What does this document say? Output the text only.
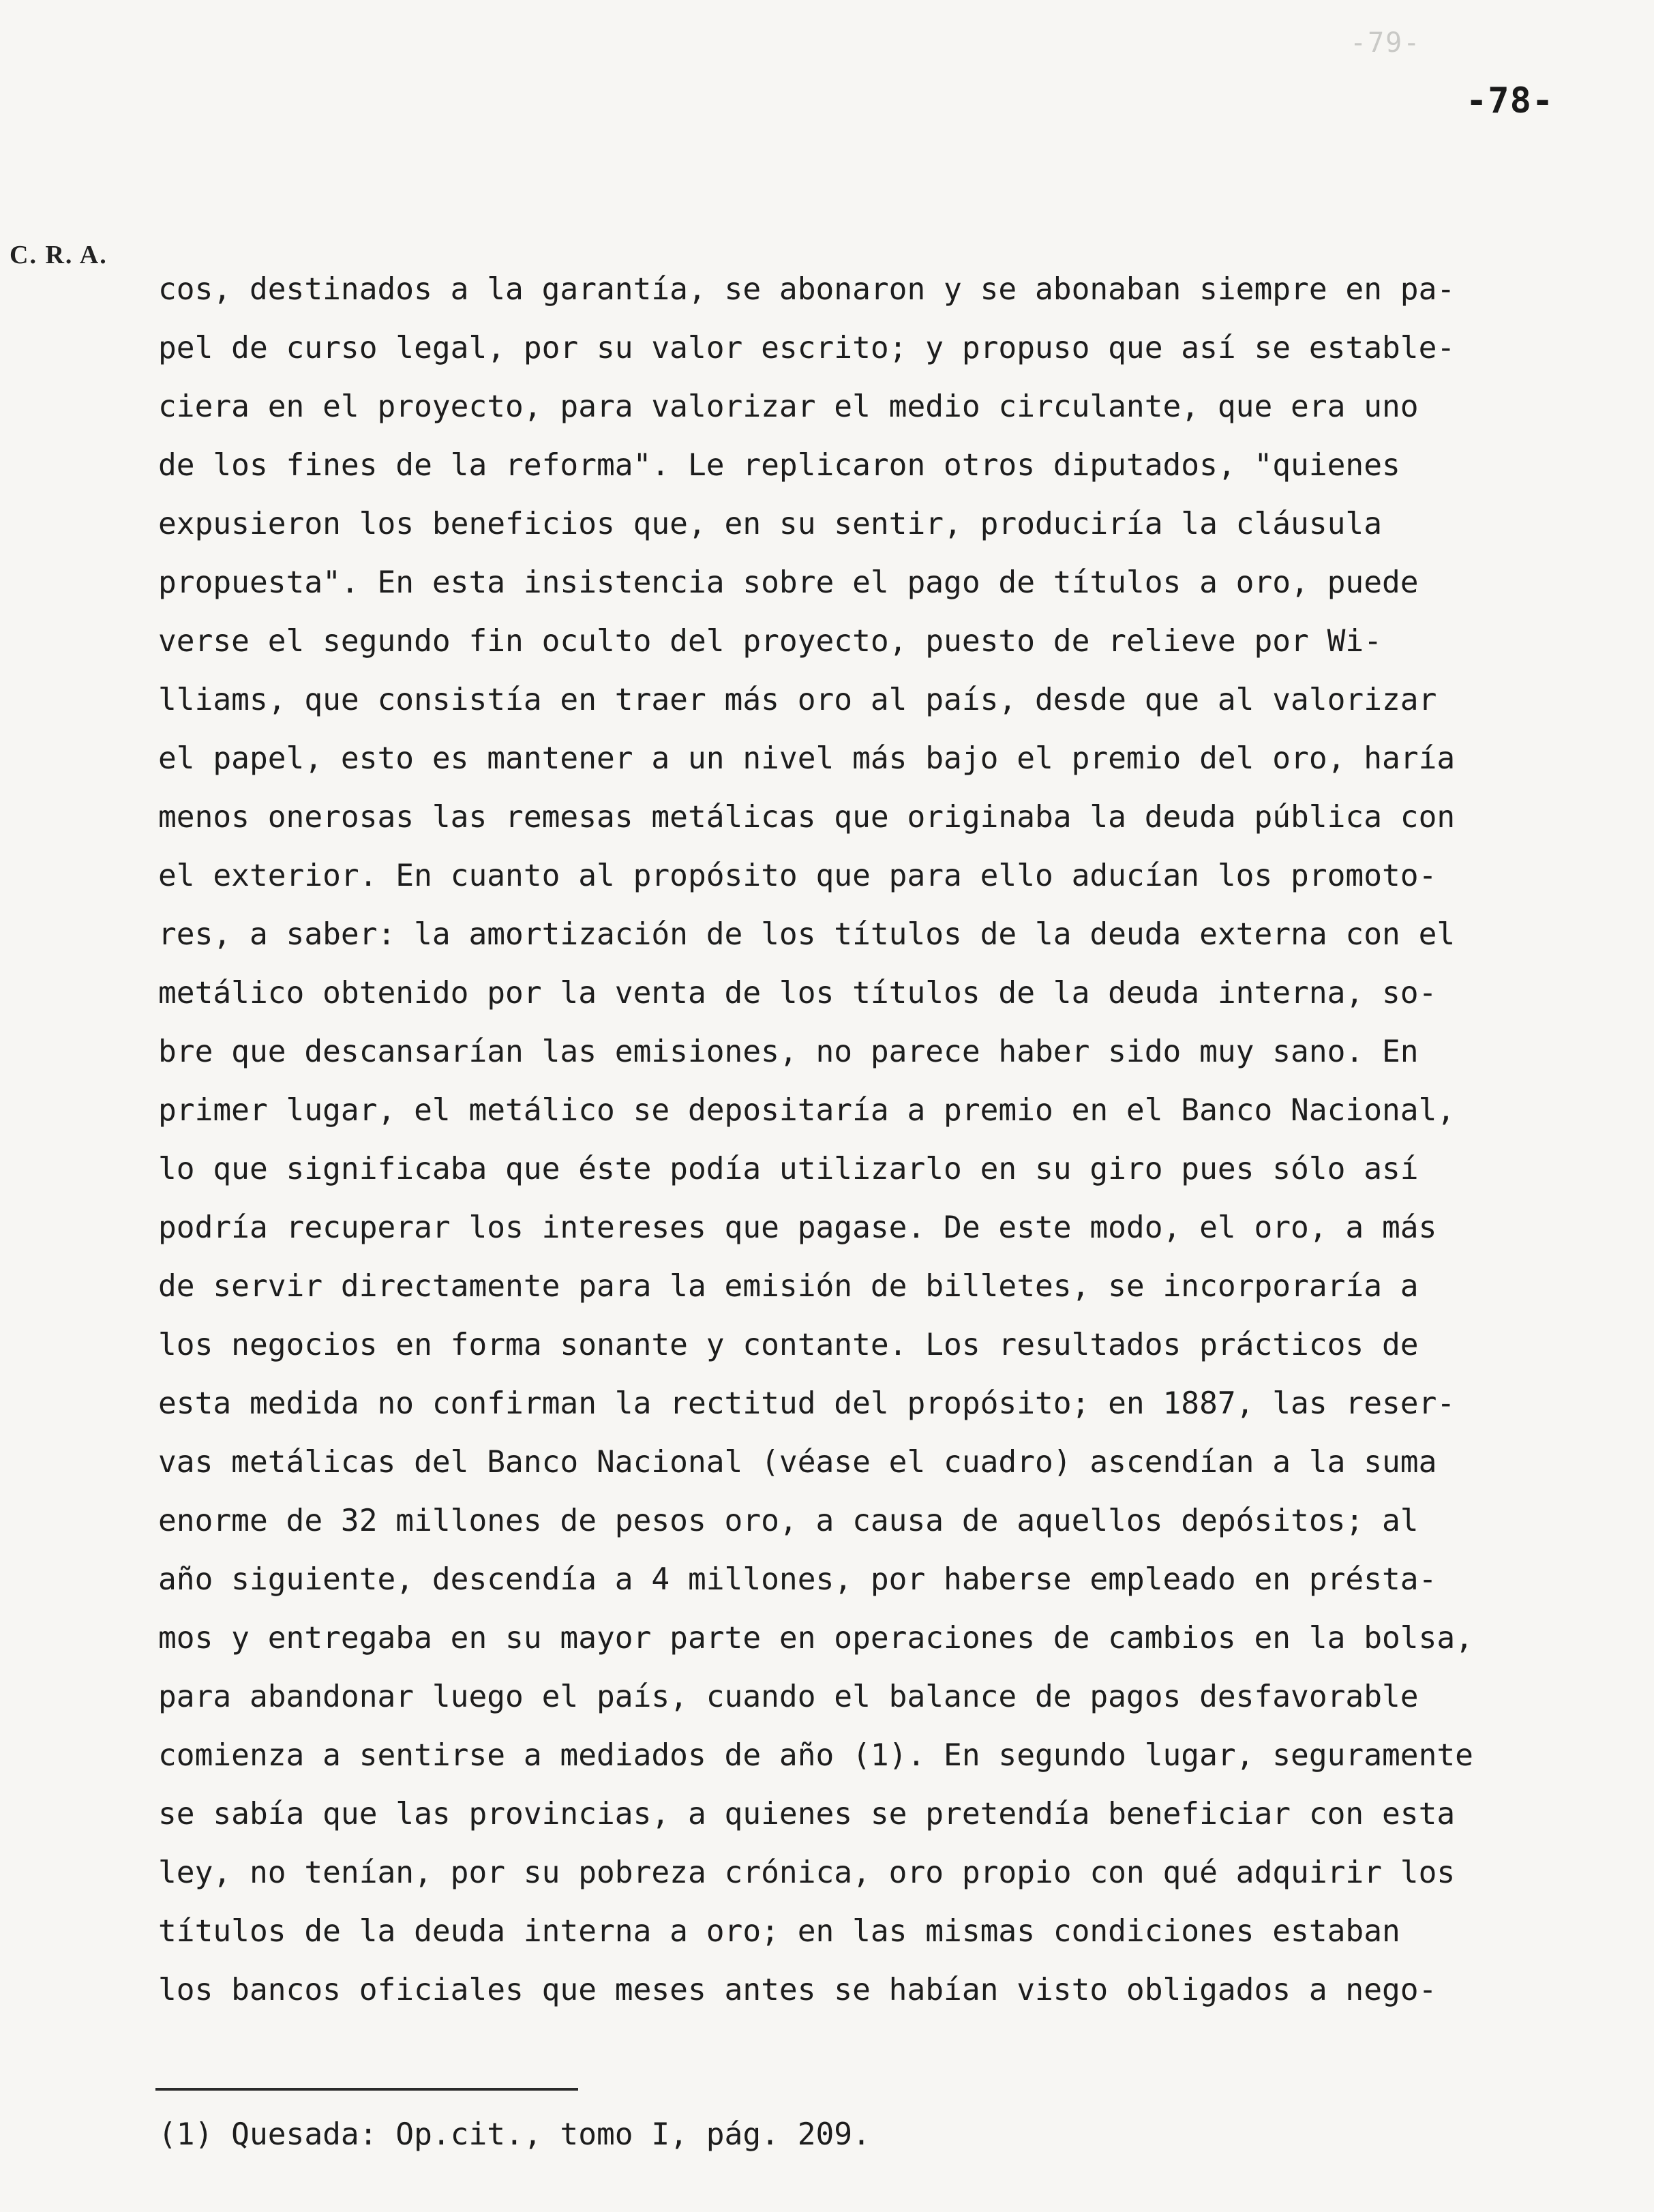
-79-
-78-
C. R. A.
cos, destinados a la garantía, se abonaron y se abonaban siempre en pa-
pel de curso legal, por su valor escrito; y propuso que así se estable-
ciera en el proyecto, para valorizar el medio circulante, que era uno
de los fines de la reforma". Le replicaron otros diputados, "quienes
expusieron los beneficios que, en su sentir, produciría la cláusula
propuesta". En esta insistencia sobre el pago de títulos a oro, puede
verse el segundo fin oculto del proyecto, puesto de relieve por Wi-
lliams, que consistía en traer más oro al país, desde que al valorizar
el papel, esto es mantener a un nivel más bajo el premio del oro, haría
menos onerosas las remesas metálicas que originaba la deuda pública con
el exterior. En cuanto al propósito que para ello aducían los promoto-
res, a saber: la amortización de los títulos de la deuda externa con el
metálico obtenido por la venta de los títulos de la deuda interna, so-
bre que descansarían las emisiones, no parece haber sido muy sano. En
primer lugar, el metálico se depositaría a premio en el Banco Nacional,
lo que significaba que éste podía utilizarlo en su giro pues sólo así
podría recuperar los intereses que pagase. De este modo, el oro, a más
de servir directamente para la emisión de billetes, se incorporaría a
los negocios en forma sonante y contante. Los resultados prácticos de
esta medida no confirman la rectitud del propósito; en 1887, las reser-
vas metálicas del Banco Nacional (véase el cuadro) ascendían a la suma
enorme de 32 millones de pesos oro, a causa de aquellos depósitos; al
año siguiente, descendía a 4 millones, por haberse empleado en présta-
mos y entregaba en su mayor parte en operaciones de cambios en la bolsa,
para abandonar luego el país, cuando el balance de pagos desfavorable
comienza a sentirse a mediados de año (1). En segundo lugar, seguramente
se sabía que las provincias, a quienes se pretendía beneficiar con esta
ley, no tenían, por su pobreza crónica, oro propio con qué adquirir los
títulos de la deuda interna a oro; en las mismas condiciones estaban
los bancos oficiales que meses antes se habían visto obligados a nego-
(1) Quesada: Op.cit., tomo I, pág. 209.
